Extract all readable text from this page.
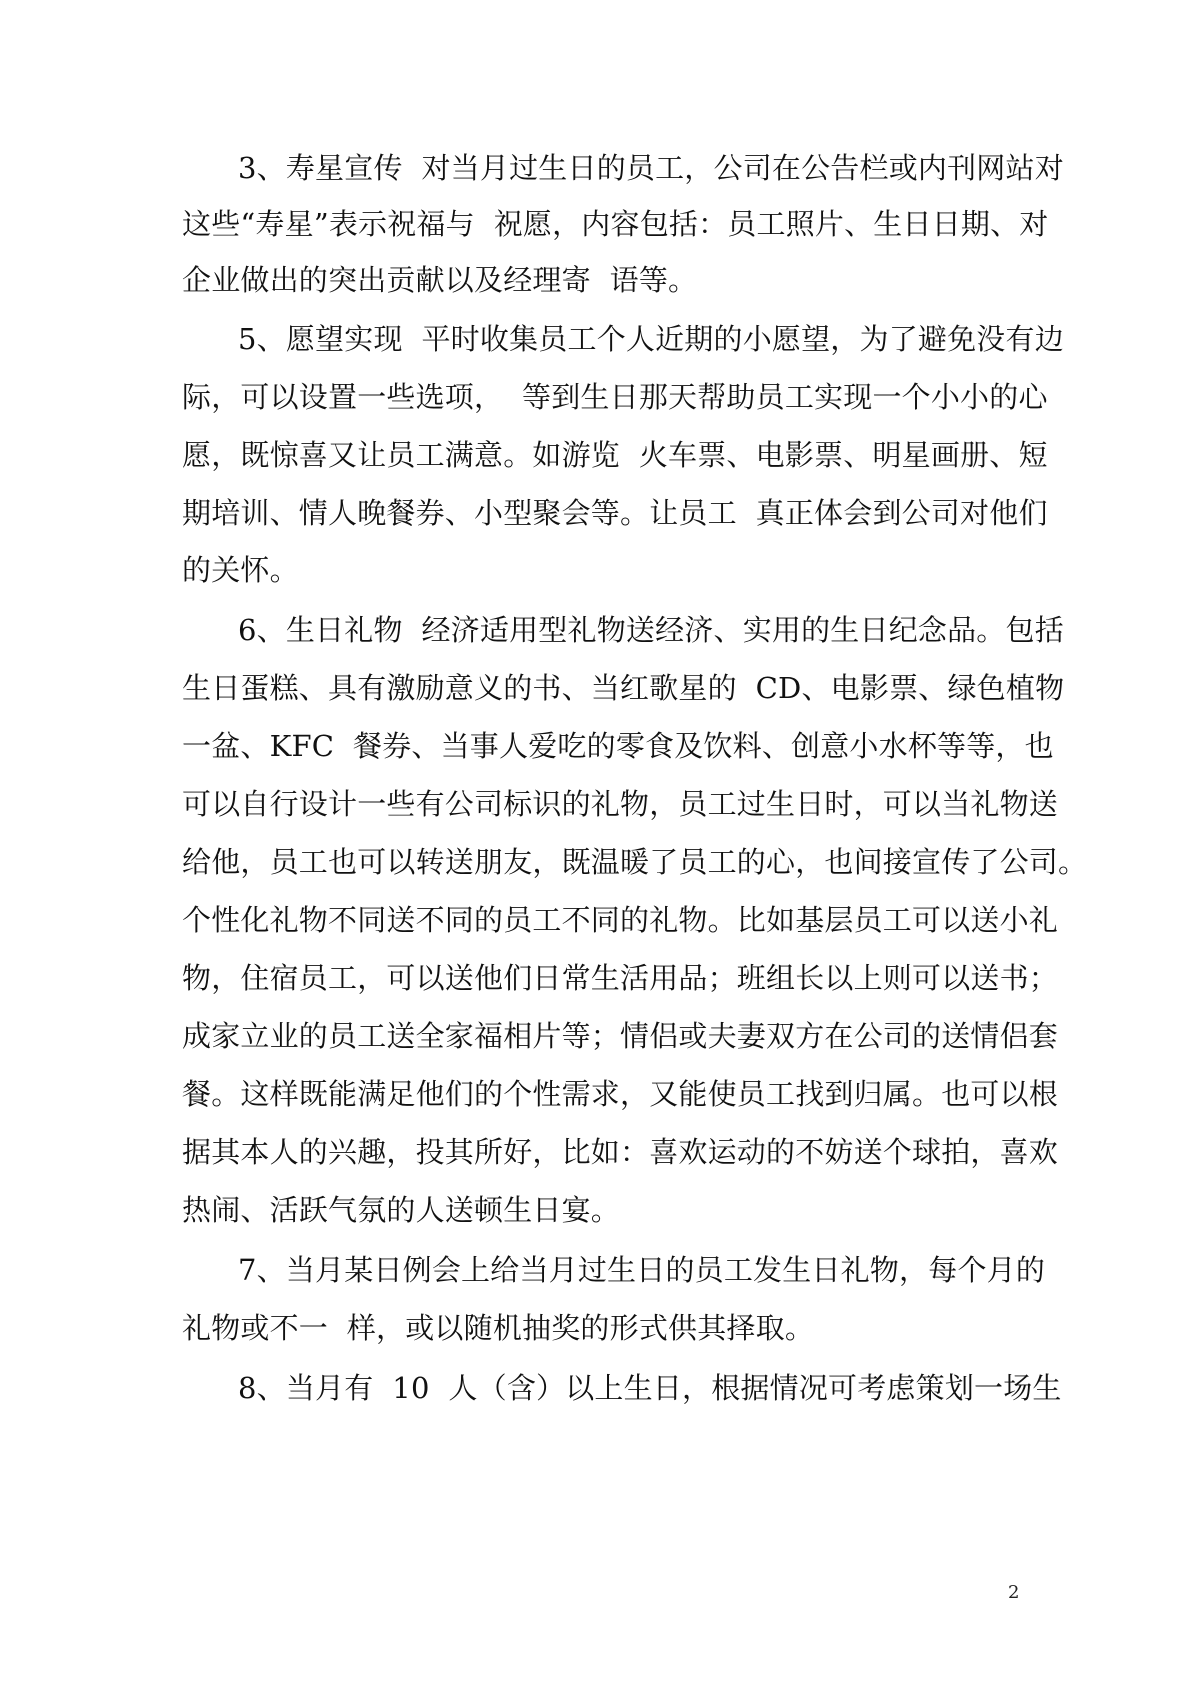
3、寿星宣传  对当月过生日的员工，公司在公告栏或内刊网站对
这些“寿星”表示祝福与  祝愿，内容包括：员工照片、生日日期、对
企业做出的突出贡献以及经理寄  语等。
5、愿望实现  平时收集员工个人近期的小愿望，为了避免没有边
际，可以设置一些选项，  等到生日那天帮助员工实现一个小小的心
愿，既惊喜又让员工满意。如游览  火车票、电影票、明星画册、短
期培训、情人晚餐券、小型聚会等。让员工  真正体会到公司对他们
的关怀。
6、生日礼物  经济适用型礼物送经济、实用的生日纪念品。包括
生日蛋糕、具有激励意义的书、当红歌星的  CD、电影票、绿色植物
一盆、KFC  餐券、当事人爱吃的零食及饮料、创意小水杯等等，也
可以自行设计一些有公司标识的礼物，员工过生日时，可以当礼物送
给他，员工也可以转送朋友，既温暖了员工的心，也间接宣传了公司。
个性化礼物不同送不同的员工不同的礼物。比如基层员工可以送小礼
物，住宿员工，可以送他们日常生活用品；班组长以上则可以送书；
成家立业的员工送全家福相片等；情侣或夫妻双方在公司的送情侣套
餐。这样既能满足他们的个性需求，又能使员工找到归属。也可以根
据其本人的兴趣，投其所好，比如：喜欢运动的不妨送个球拍，喜欢
热闹、活跃气氛的人送顿生日宴。
7、当月某日例会上给当月过生日的员工发生日礼物，每个月的
礼物或不一  样，或以随机抽奖的形式供其择取。
8、当月有  10  人（含）以上生日，根据情况可考虑策划一场生
2
